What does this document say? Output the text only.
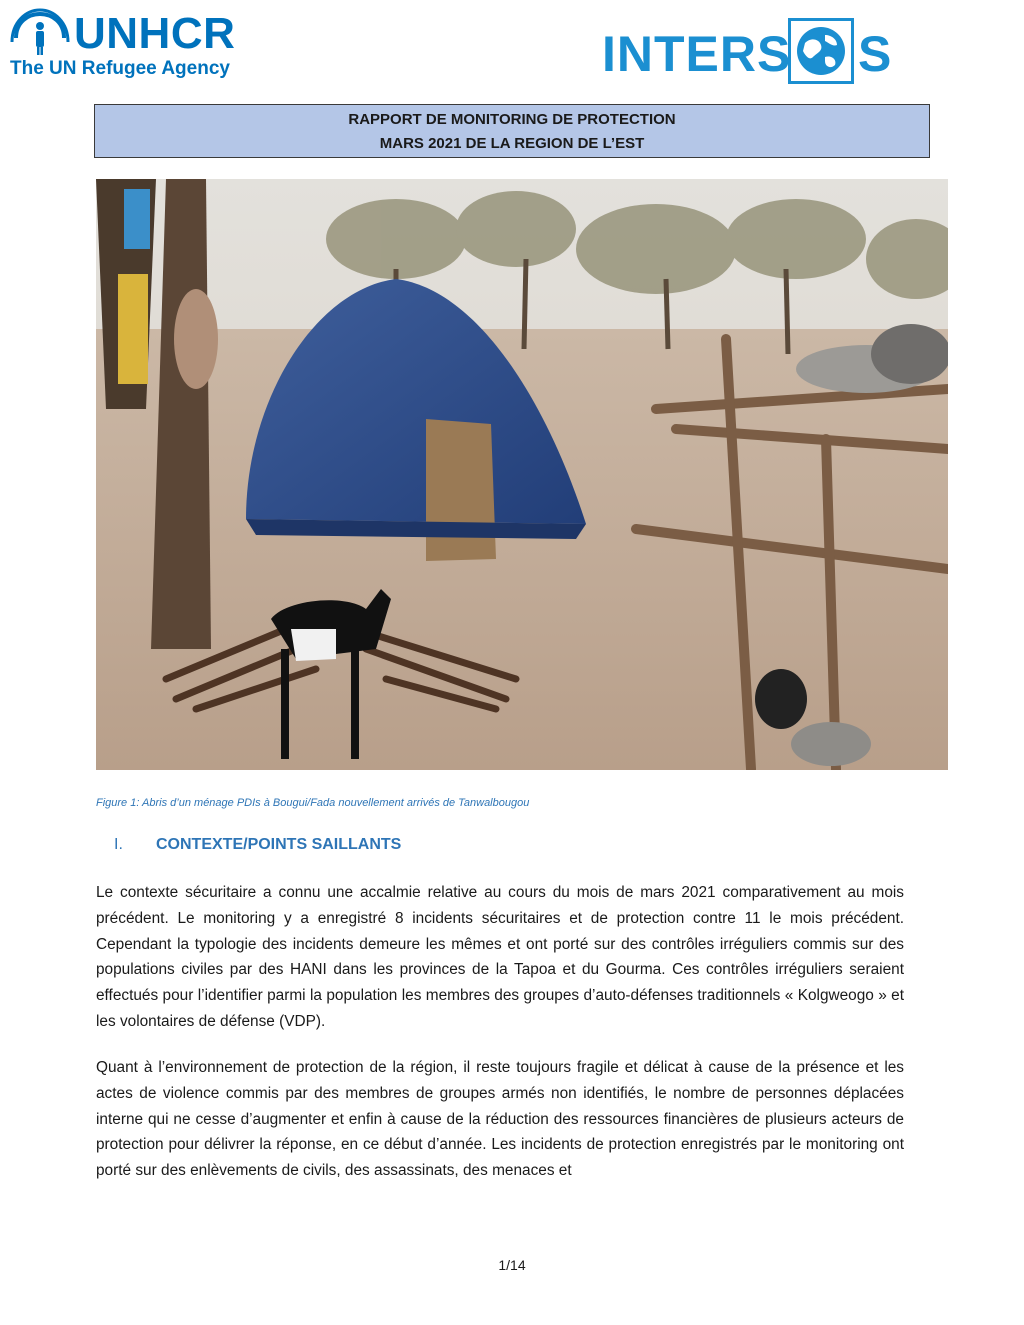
UNHCR
The UN Refugee Agency	INTERS S
RAPPORT DE MONITORING DE PROTECTION
MARS 2021 DE LA REGION DE L’EST
Figure 1: Abris d’un ménage PDIs à Bougui/Fada nouvellement arrivés de Tanwalbougou
I. CONTEXTE/POINTS SAILLANTS

Le contexte sécuritaire a connu une accalmie relative au cours du mois de mars 2021 comparativement au mois précédent. Le monitoring y a enregistré 8 incidents sécuritaires et de protection contre 11 le mois précédent. Cependant la typologie des incidents demeure les mêmes et ont porté sur des contrôles irréguliers commis sur des populations civiles par des HANI dans les provinces de la Tapoa et du Gourma. Ces contrôles irréguliers seraient effectués pour l’identifier parmi la population les membres des groupes d’auto-défenses traditionnels « Kolgweogo » et les volontaires de défense (VDP).

Quant à l’environnement de protection de la région, il reste toujours fragile et délicat à cause de la présence et les actes de violence commis par des membres de groupes armés non identifiés, le nombre de personnes déplacées interne qui ne cesse d’augmenter et enfin à cause de la réduction des ressources financières de plusieurs acteurs de protection pour délivrer la réponse, en ce début d’année. Les incidents de protection enregistrés par le monitoring ont porté sur des enlèvements de civils, des assassinats, des menaces et

1/14
